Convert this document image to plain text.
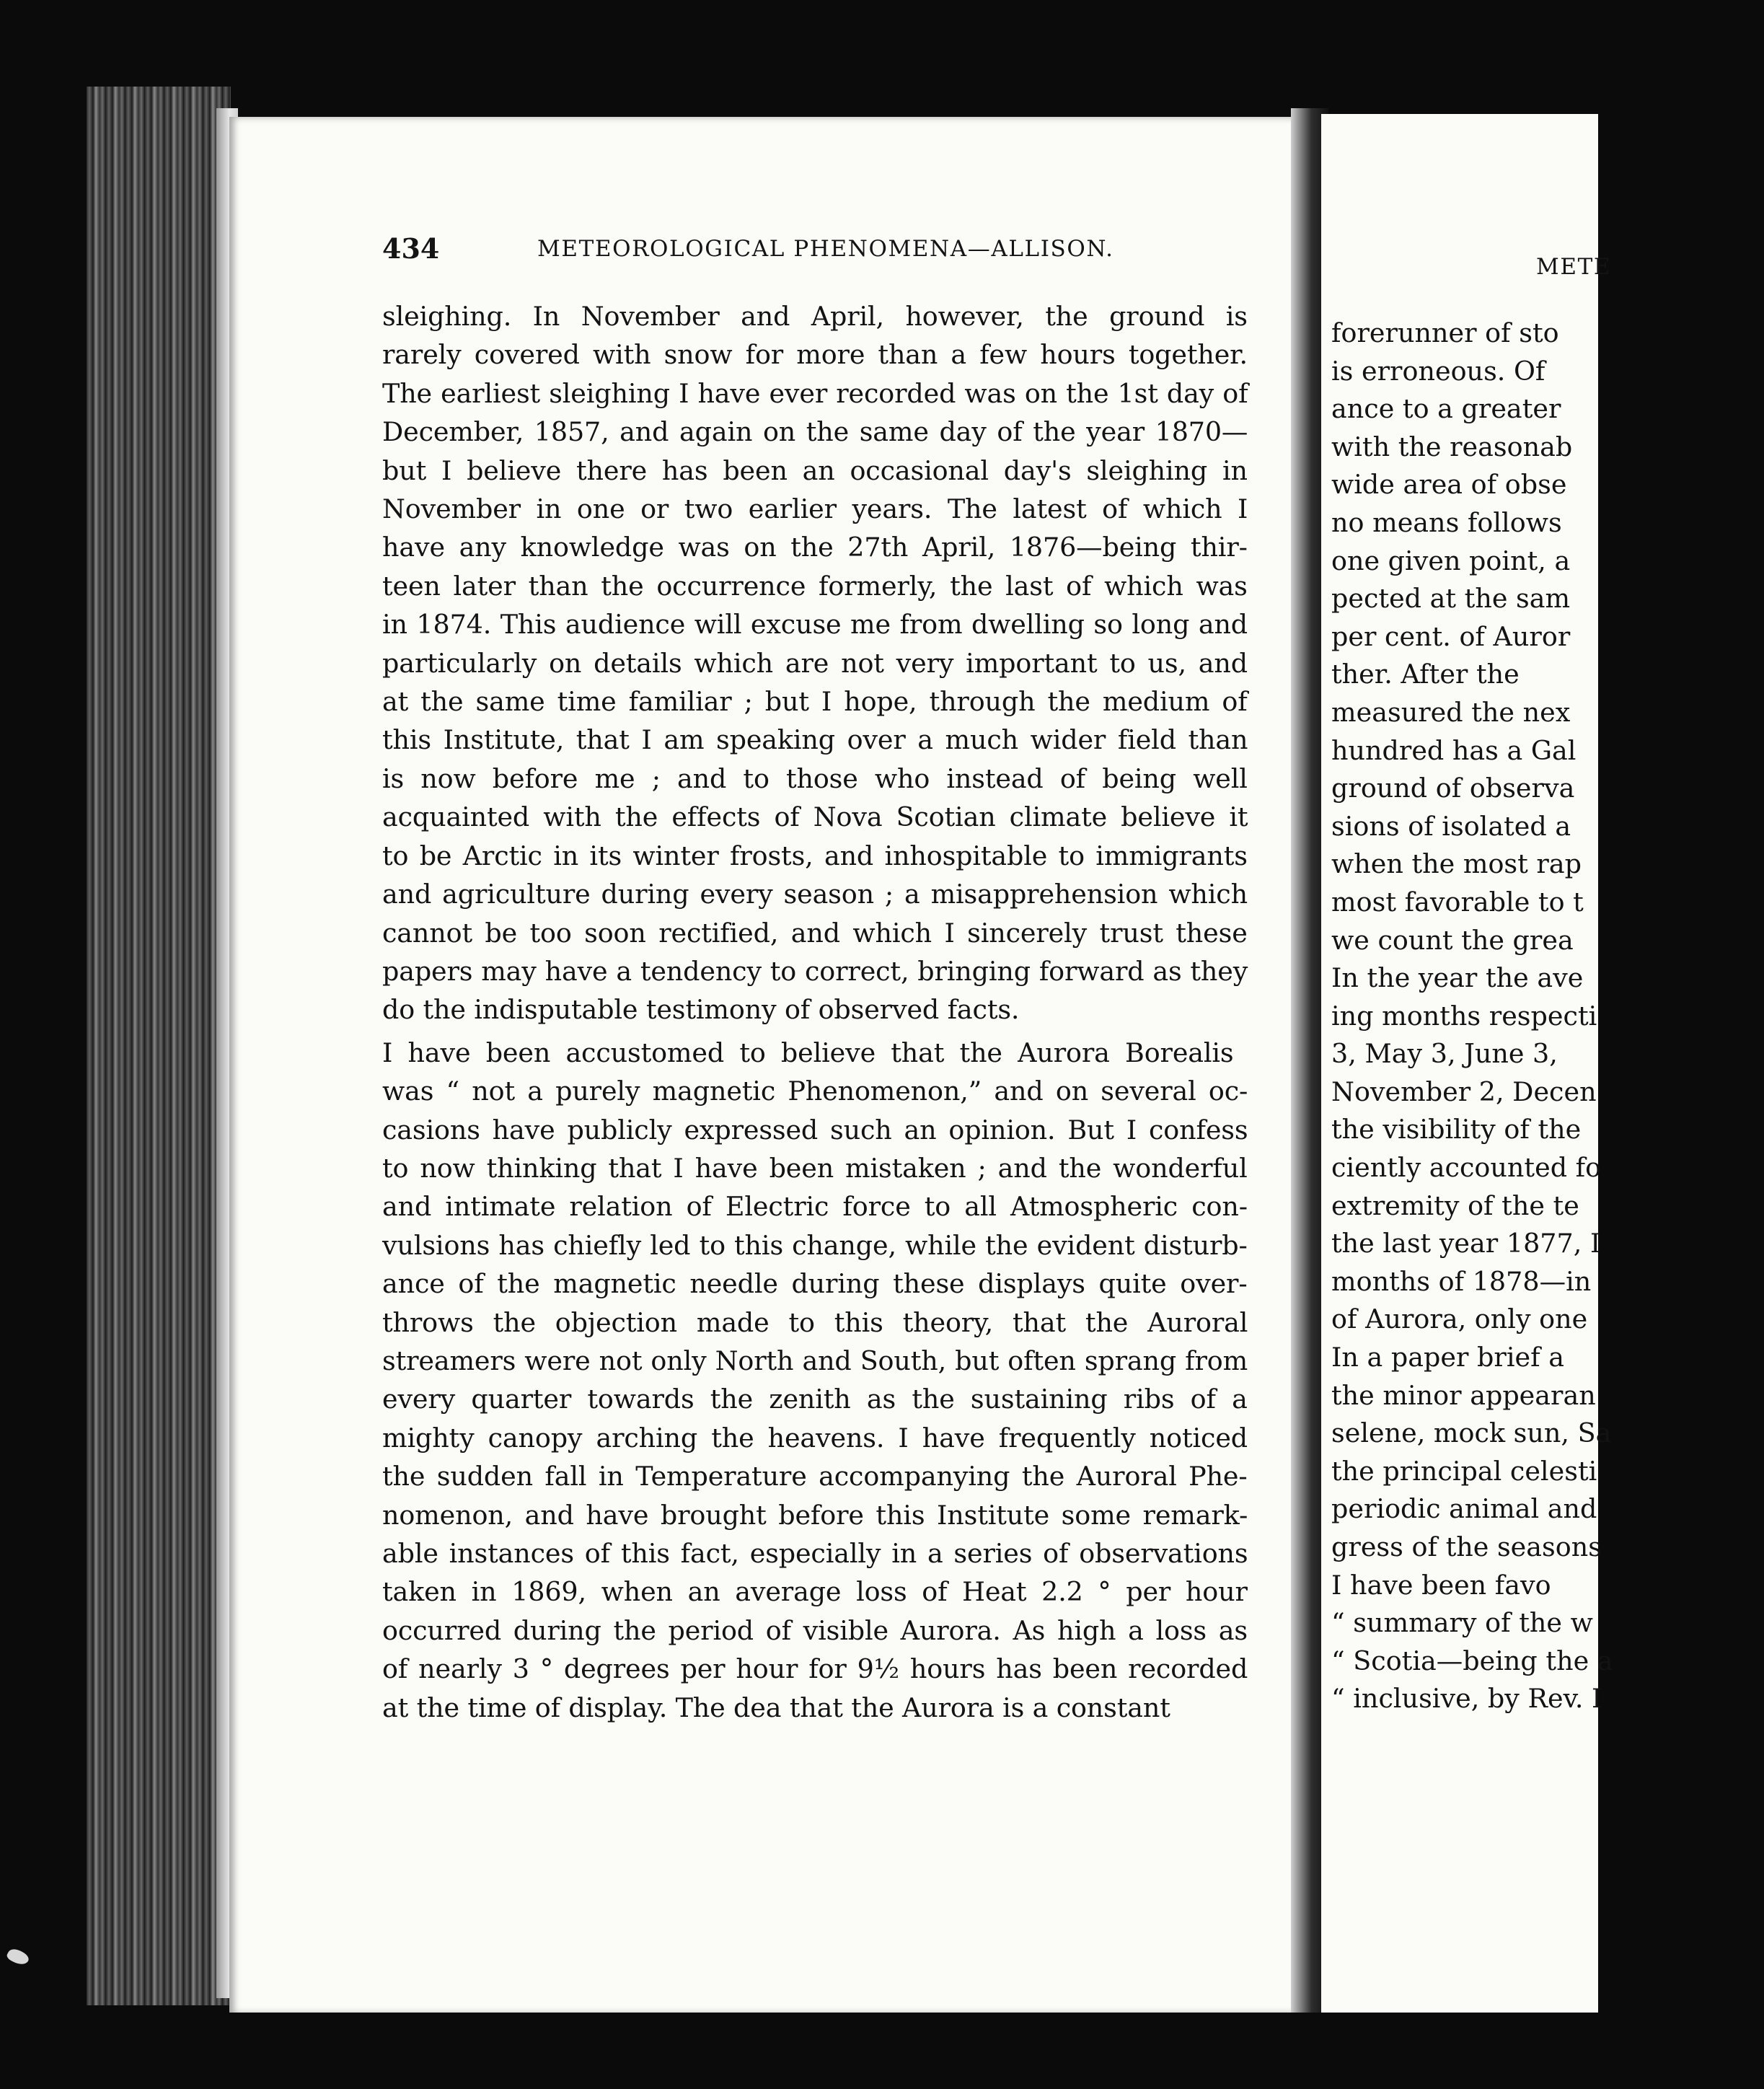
METE
forerunner of sto
is erroneous. Of
ance to a greater
with the reasonab
wide area of obse
no means follows
one given point, a
pected at the sam
per cent. of Auror
ther. After the
measured the nex
hundred has a Gal
ground of observa
sions of isolated a
when the most rap
most favorable to t
we count the grea
In the year the ave
ing months respecti
3, May 3, June 3,
November 2, Decen
the visibility of the
ciently accounted fo
extremity of the te
the last year 1877, I
months of 1878—in
of Aurora, only one
In a paper brief a
the minor appearan
selene, mock sun, Sa
the principal celesti
periodic animal and
gress of the seasons
I have been favo
“ summary of the w
“ Scotia—being the a
“ inclusive, by Rev. I
434	METEOROLOGICAL PHENOMENA—ALLISON.
sleighing. In November and April, however, the ground is
rarely covered with snow for more than a few hours together.
The earliest sleighing I have ever recorded was on the 1st day of
December, 1857, and again on the same day of the year 1870—
but I believe there has been an occasional day's sleighing in
November in one or two earlier years. The latest of which I
have any knowledge was on the 27th April, 1876—being thir-
teen later than the occurrence formerly, the last of which was
in 1874. This audience will excuse me from dwelling so long and
particularly on details which are not very important to us, and
at the same time familiar ; but I hope, through the medium of
this Institute, that I am speaking over a much wider field than
is now before me ; and to those who instead of being well
acquainted with the effects of Nova Scotian climate believe it
to be Arctic in its winter frosts, and inhospitable to immigrants
and agriculture during every season ; a misapprehension which
cannot be too soon rectified, and which I sincerely trust these
papers may have a tendency to correct, bringing forward as they
do the indisputable testimony of observed facts.
I have been accustomed to believe that the Aurora Borealis
was “ not a purely magnetic Phenomenon,” and on several oc-
casions have publicly expressed such an opinion. But I confess
to now thinking that I have been mistaken ; and the wonderful
and intimate relation of Electric force to all Atmospheric con-
vulsions has chiefly led to this change, while the evident disturb-
ance of the magnetic needle during these displays quite over-
throws the objection made to this theory, that the Auroral
streamers were not only North and South, but often sprang from
every quarter towards the zenith as the sustaining ribs of a
mighty canopy arching the heavens. I have frequently noticed
the sudden fall in Temperature accompanying the Auroral Phe-
nomenon, and have brought before this Institute some remark-
able instances of this fact, especially in a series of observations
taken in 1869, when an average loss of Heat 2.2 ° per hour
occurred during the period of visible Aurora. As high a loss as
of nearly 3 ° degrees per hour for 9½ hours has been recorded
at the time of display. The dea that the Aurora is a constant
